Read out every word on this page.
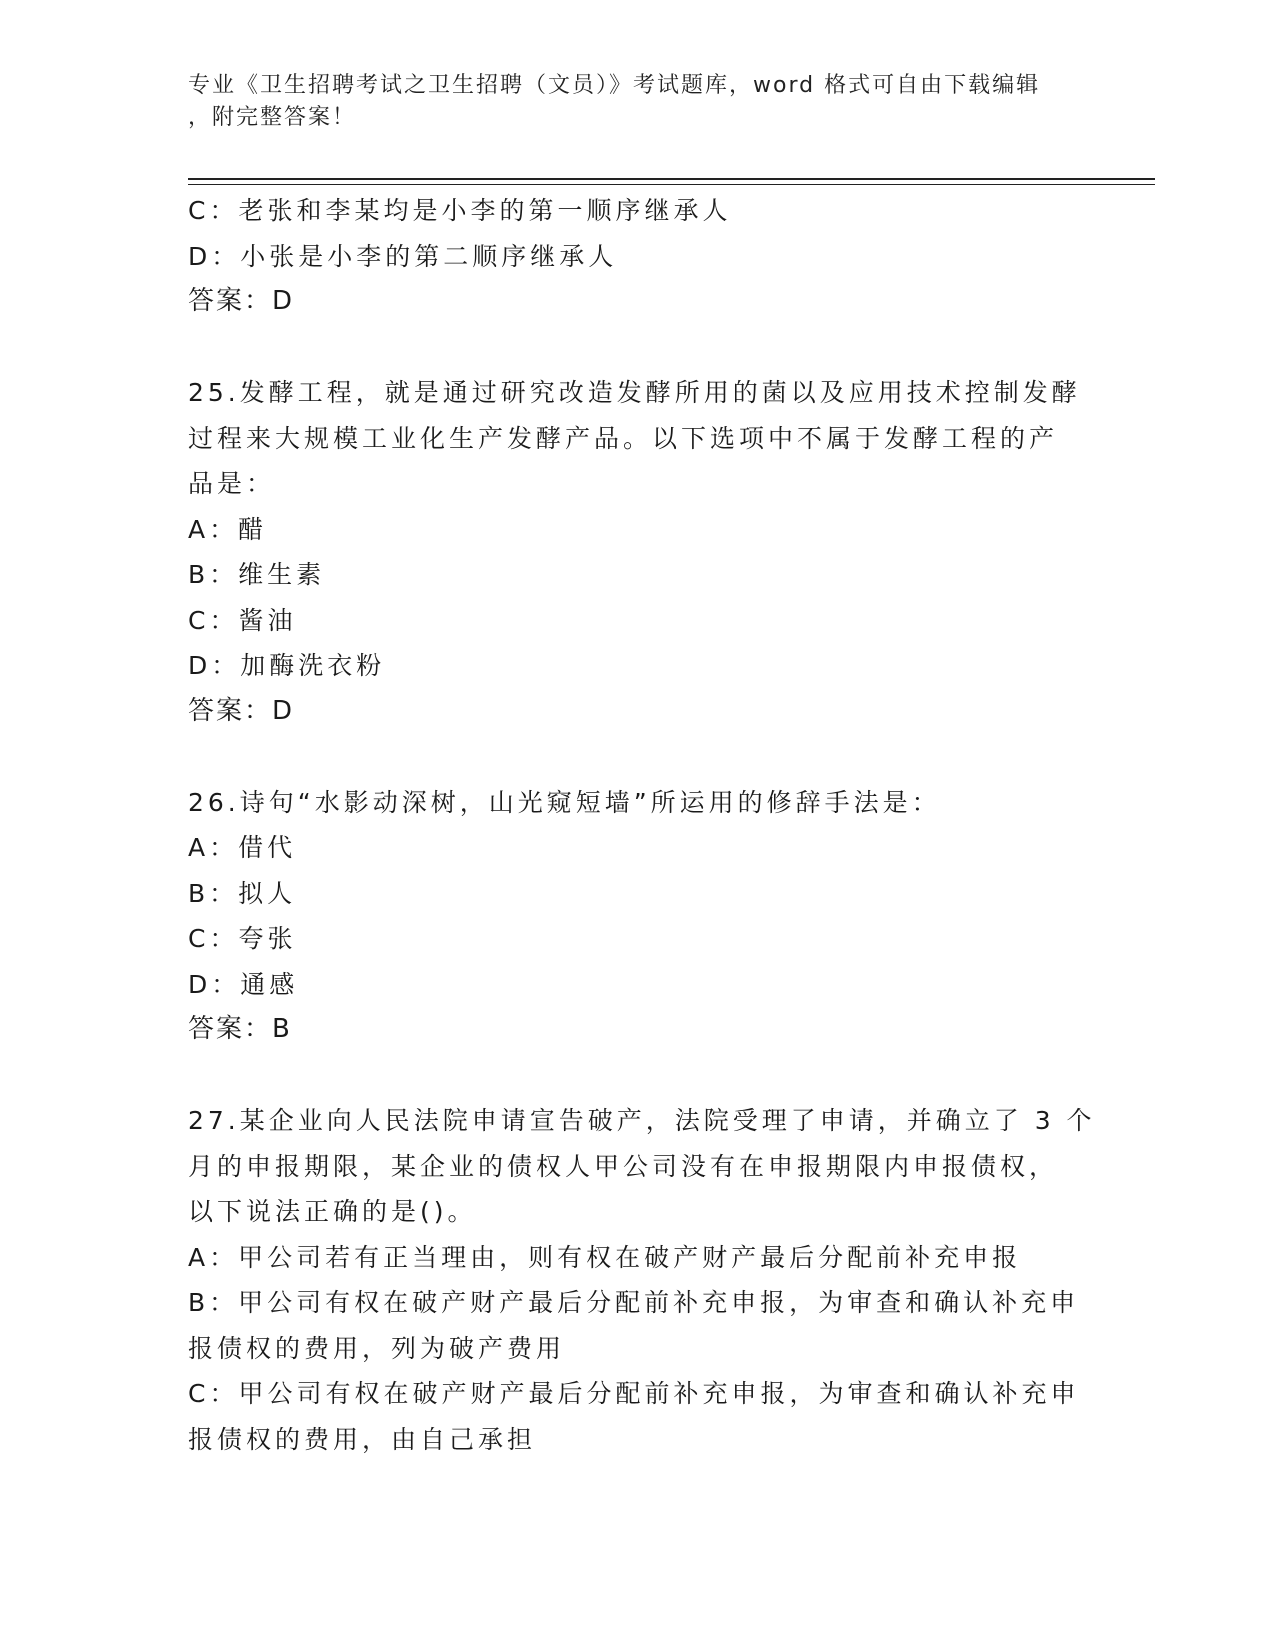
专业《卫生招聘考试之卫生招聘（文员）》考试题库，word 格式可自由下载编辑
，附完整答案！
C：老张和李某均是小李的第一顺序继承人
D：小张是小李的第二顺序继承人
答案：D
25.发酵工程，就是通过研究改造发酵所用的菌以及应用技术控制发酵
过程来大规模工业化生产发酵产品。以下选项中不属于发酵工程的产
品是：
A：醋
B：维生素
C：酱油
D：加酶洗衣粉
答案：D
26.诗句“水影动深树，山光窥短墙”所运用的修辞手法是：
A：借代
B：拟人
C：夸张
D：通感
答案：B
27.某企业向人民法院申请宣告破产，法院受理了申请，并确立了 3 个
月的申报期限，某企业的债权人甲公司没有在申报期限内申报债权，
以下说法正确的是()。
A：甲公司若有正当理由，则有权在破产财产最后分配前补充申报
B：甲公司有权在破产财产最后分配前补充申报，为审查和确认补充申
报债权的费用，列为破产费用
C：甲公司有权在破产财产最后分配前补充申报，为审查和确认补充申
报债权的费用，由自己承担
